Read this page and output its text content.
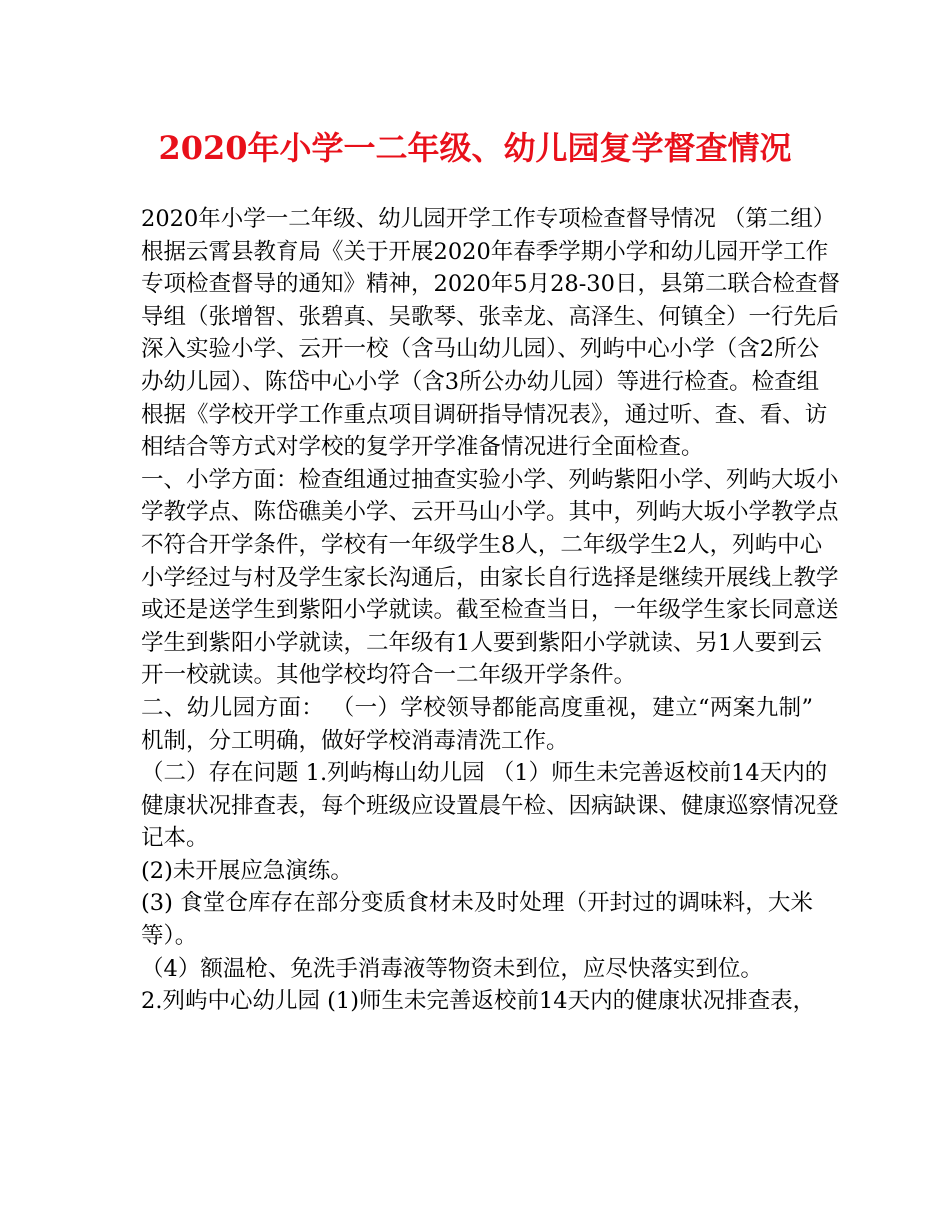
2020年小学一二年级、幼儿园复学督查情况
2020年小学一二年级、幼儿园开学工作专项检查督导情况 （第二组）
根据云霄县教育局《关于开展2020年春季学期小学和幼儿园开学工作
专项检查督导的通知》精神，2020年5月28-30日，县第二联合检查督
导组（张增智、张碧真、吴歌琴、张幸龙、高泽生、何镇全）一行先后
深入实验小学、云开一校（含马山幼儿园）、列屿中心小学（含2所公
办幼儿园）、陈岱中心小学（含3所公办幼儿园）等进行检查。检查组
根据《学校开学工作重点项目调研指导情况表》，通过听、查、看、访
相结合等方式对学校的复学开学准备情况进行全面检查。
一、小学方面：检查组通过抽查实验小学、列屿紫阳小学、列屿大坂小
学教学点、陈岱礁美小学、云开马山小学。其中，列屿大坂小学教学点
不符合开学条件，学校有一年级学生8人，二年级学生2人，列屿中心
小学经过与村及学生家长沟通后，由家长自行选择是继续开展线上教学
或还是送学生到紫阳小学就读。截至检查当日，一年级学生家长同意送
学生到紫阳小学就读，二年级有1人要到紫阳小学就读、另1人要到云
开一校就读。其他学校均符合一二年级开学条件。
二、幼儿园方面： （一）学校领导都能高度重视，建立“两案九制”
机制，分工明确，做好学校消毒清洗工作。
（二）存在问题 1.列屿梅山幼儿园 （1）师生未完善返校前14天内的
健康状况排查表，每个班级应设置晨午检、因病缺课、健康巡察情况登
记本。
(2)未开展应急演练。
(3) 食堂仓库存在部分变质食材未及时处理（开封过的调味料，大米
等）。
（4）额温枪、免洗手消毒液等物资未到位，应尽快落实到位。
2.列屿中心幼儿园 (1)师生未完善返校前14天内的健康状况排查表，
